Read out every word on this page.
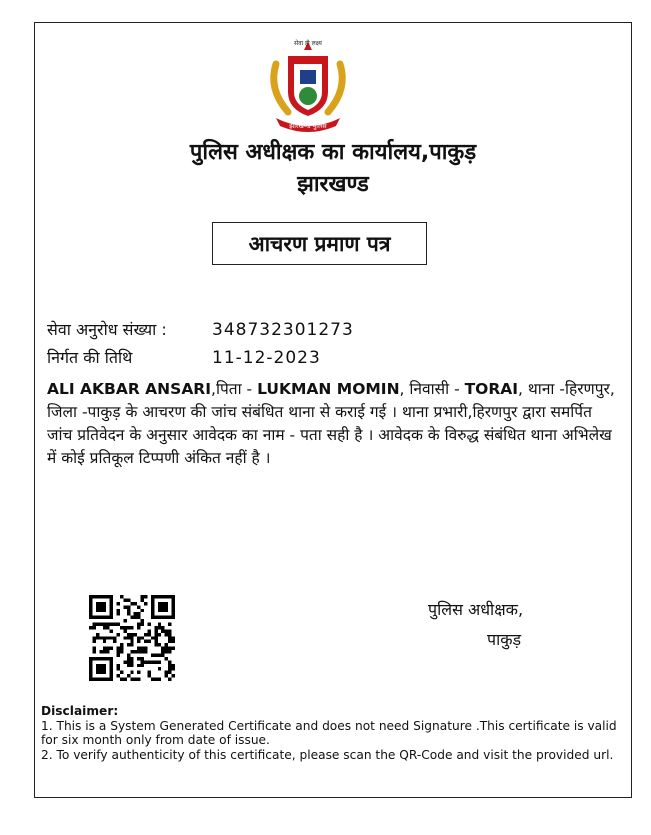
सेवा ही लक्ष्य
झारखण्ड पुलिस
पुलिस अधीक्षक का कार्यालय,पाकुड़
झारखण्ड
आचरण प्रमाण पत्र
सेवा अनुरोध संख्या :	348732301273
निर्गत की तिथि	11-12-2023
ALI AKBAR ANSARI,पिता - LUKMAN MOMIN, निवासी - TORAI, थाना -हिरणपुर, जिला -पाकुड़ के आचरण की जांच संबंधित थाना से कराई गई । थाना प्रभारी,हिरणपुर द्वारा समर्पित जांच प्रतिवेदन के अनुसार आवेदक का नाम - पता सही है । आवेदक के विरुद्ध संबंधित थाना अभिलेख में कोई प्रतिकूल टिप्पणी अंकित नहीं है ।
पुलिस अधीक्षक,
पाकुड़
Disclaimer:
1. This is a System Generated Certificate and does not need Signature .This certificate is valid for six month only from date of issue.
2. To verify authenticity of this certificate, please scan the QR-Code and visit the provided url.
